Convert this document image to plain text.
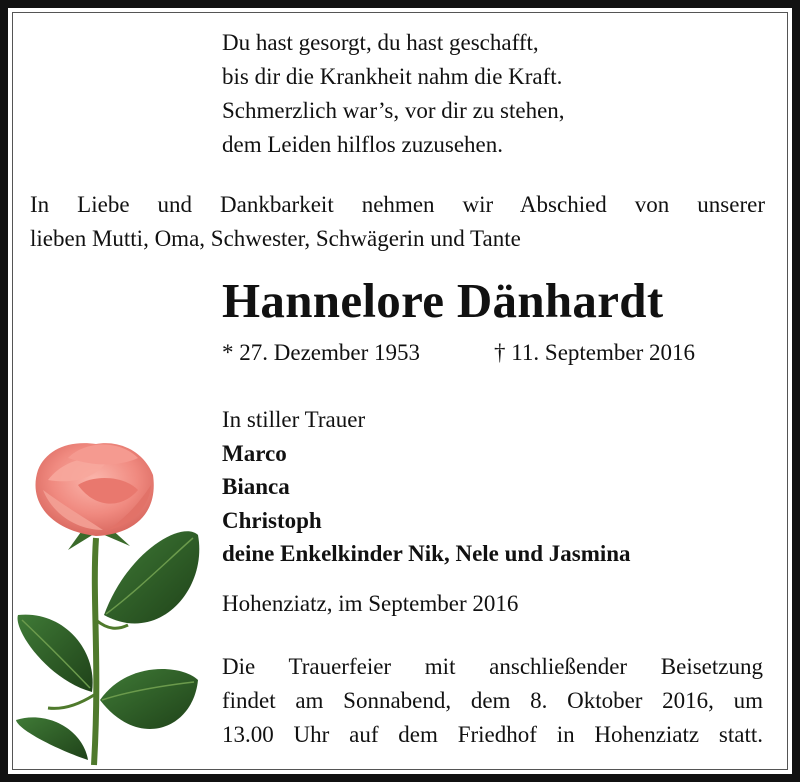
Du hast gesorgt, du hast geschafft,
bis dir die Krankheit nahm die Kraft.
Schmerzlich war’s, vor dir zu stehen,
dem Leiden hilflos zuzusehen.
In Liebe und Dankbarkeit nehmen wir Abschied von unserer
lieben Mutti, Oma, Schwester, Schwägerin und Tante
Hannelore Dänhardt
* 27. Dezember 1953	† 11. September 2016
In stiller Trauer
Marco
Bianca
Christoph
deine Enkelkinder Nik, Nele und Jasmina
Hohenziatz, im September 2016
Die Trauerfeier mit anschließender Beisetzung
findet am Sonnabend, dem 8. Oktober 2016, um
13.00 Uhr auf dem Friedhof in Hohenziatz statt.
